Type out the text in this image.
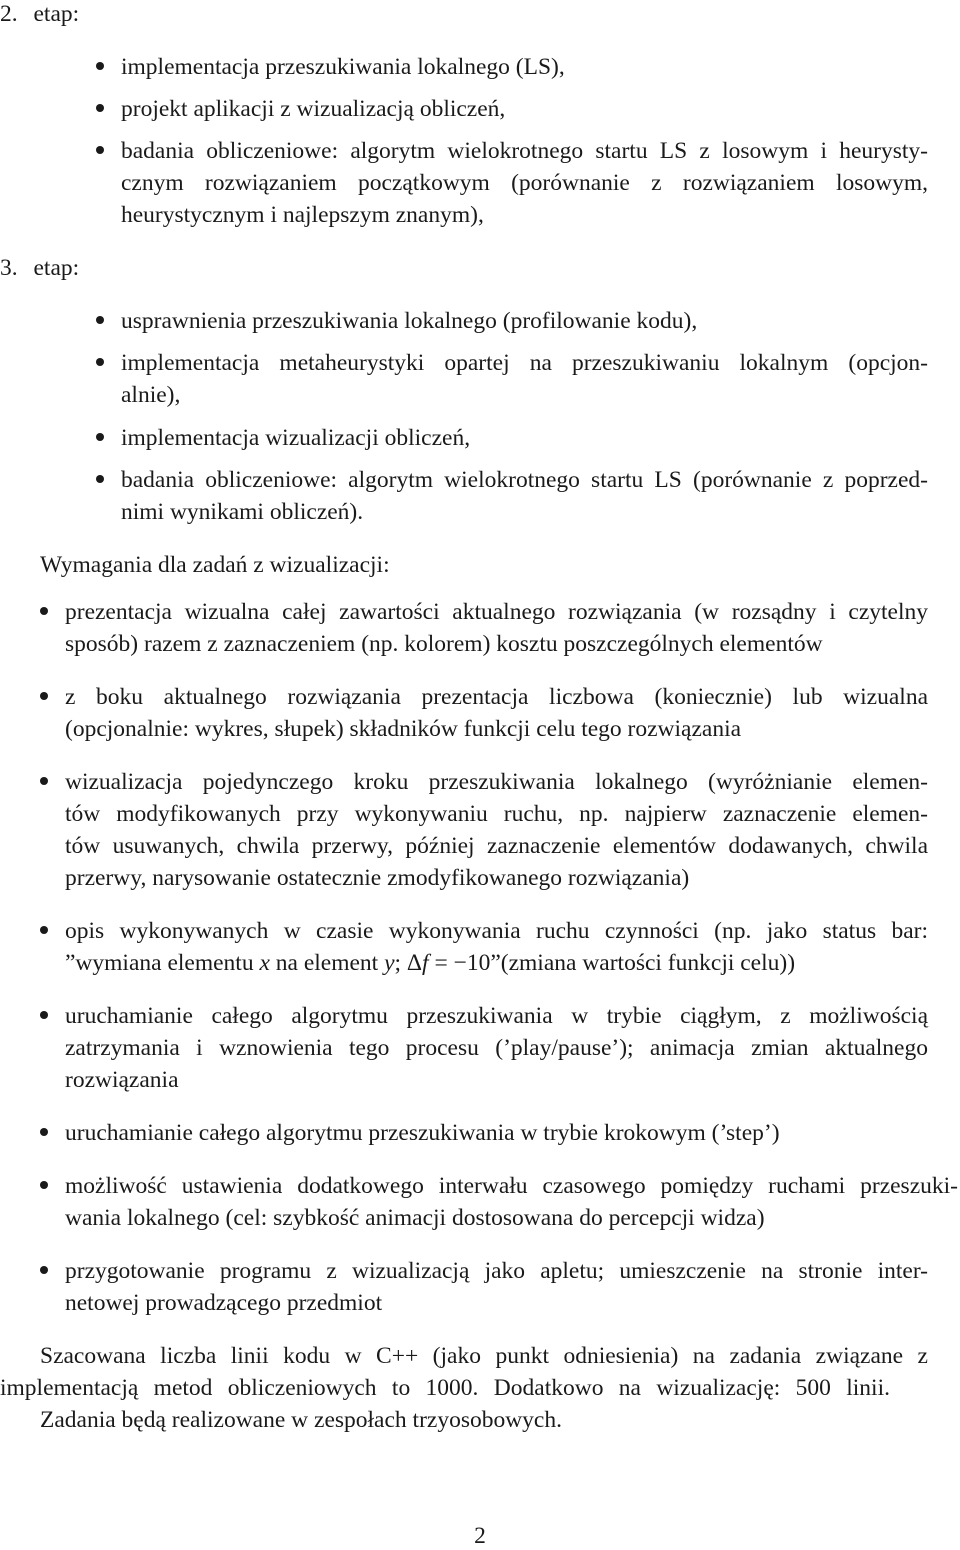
2. etap:
implementacja przeszukiwania lokalnego (LS),
projekt aplikacji z wizualizacją obliczeń,
badania obliczeniowe: algorytm wielokrotnego startu LS z losowym i heurysty-
cznym rozwiązaniem początkowym (porównanie z rozwiązaniem losowym,
heurystycznym i najlepszym znanym),
3. etap:
usprawnienia przeszukiwania lokalnego (profilowanie kodu),
implementacja metaheurystyki opartej na przeszukiwaniu lokalnym (opcjon-
alnie),
implementacja wizualizacji obliczeń,
badania obliczeniowe: algorytm wielokrotnego startu LS (porównanie z poprzed-
nimi wynikami obliczeń).
Wymagania dla zadań z wizualizacji:
prezentacja wizualna całej zawartości aktualnego rozwiązania (w rozsądny i czytelny
sposób) razem z zaznaczeniem (np. kolorem) kosztu poszczególnych elementów
z boku aktualnego rozwiązania prezentacja liczbowa (koniecznie) lub wizualna
(opcjonalnie: wykres, słupek) składników funkcji celu tego rozwiązania
wizualizacja pojedynczego kroku przeszukiwania lokalnego (wyróżnianie elemen-
tów modyfikowanych przy wykonywaniu ruchu, np. najpierw zaznaczenie elemen-
tów usuwanych, chwila przerwy, później zaznaczenie elementów dodawanych, chwila
przerwy, narysowanie ostatecznie zmodyfikowanego rozwiązania)
opis wykonywanych w czasie wykonywania ruchu czynności (np. jako status bar:
”wymiana elementu x na element y; Δf = −10”(zmiana wartości funkcji celu))
uruchamianie całego algorytmu przeszukiwania w trybie ciągłym, z możliwością
zatrzymania i wznowienia tego procesu (’play/pause’); animacja zmian aktualnego
rozwiązania
uruchamianie całego algorytmu przeszukiwania w trybie krokowym (’step’)
możliwość ustawienia dodatkowego interwału czasowego pomiędzy ruchami przeszuki-
wania lokalnego (cel: szybkość animacji dostosowana do percepcji widza)
przygotowanie programu z wizualizacją jako apletu; umieszczenie na stronie inter-
netowej prowadzącego przedmiot
Szacowana liczba linii kodu w C++ (jako punkt odniesienia) na zadania związane z
implementacją metod obliczeniowych to 1000. Dodatkowo na wizualizację: 500 linii.
Zadania będą realizowane w zespołach trzyosobowych.
2
